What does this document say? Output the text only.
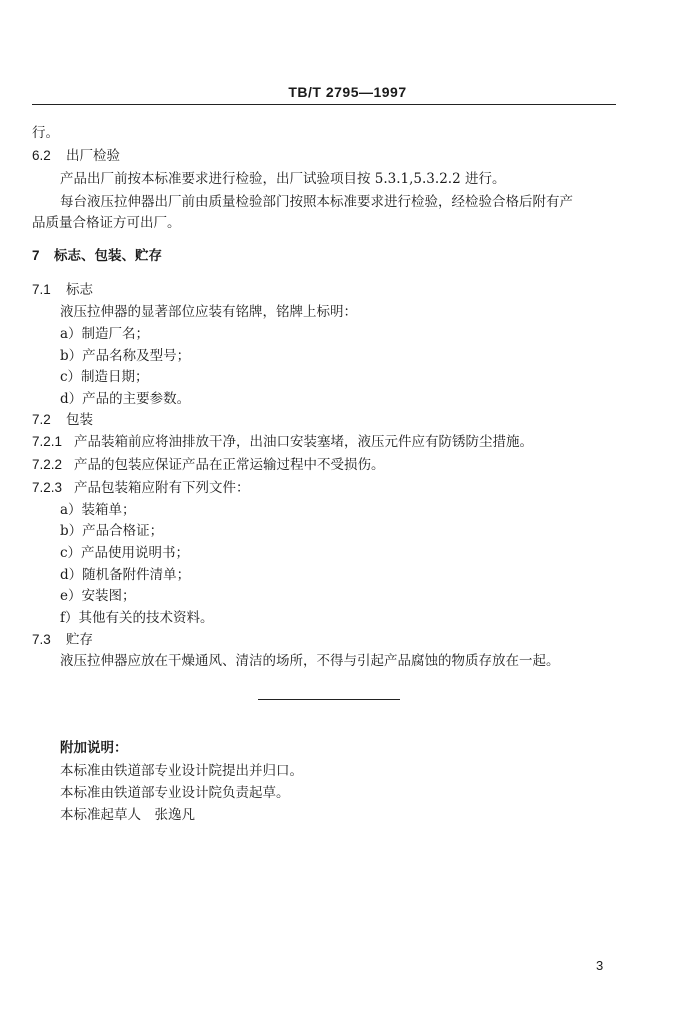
TB/T 2795—1997
行。
6.2 出厂检验
产品出厂前按本标准要求进行检验，出厂试验项目按 5.3.1,5.3.2.2 进行。
每台液压拉伸器出厂前由质量检验部门按照本标准要求进行检验，经检验合格后附有产
品质量合格证方可出厂。
7 标志、包装、贮存
7.1 标志
液压拉伸器的显著部位应装有铭牌，铭牌上标明：
a）制造厂名；
b）产品名称及型号；
c）制造日期；
d）产品的主要参数。
7.2 包装
7.2.1 产品装箱前应将油排放干净，出油口安装塞堵，液压元件应有防锈防尘措施。
7.2.2 产品的包装应保证产品在正常运输过程中不受损伤。
7.2.3 产品包装箱应附有下列文件：
a）装箱单；
b）产品合格证；
c）产品使用说明书；
d）随机备附件清单；
e）安装图；
f）其他有关的技术资料。
7.3 贮存
液压拉伸器应放在干燥通风、清洁的场所，不得与引起产品腐蚀的物质存放在一起。
附加说明：
本标准由铁道部专业设计院提出并归口。
本标准由铁道部专业设计院负责起草。
本标准起草人　张逸凡
3
